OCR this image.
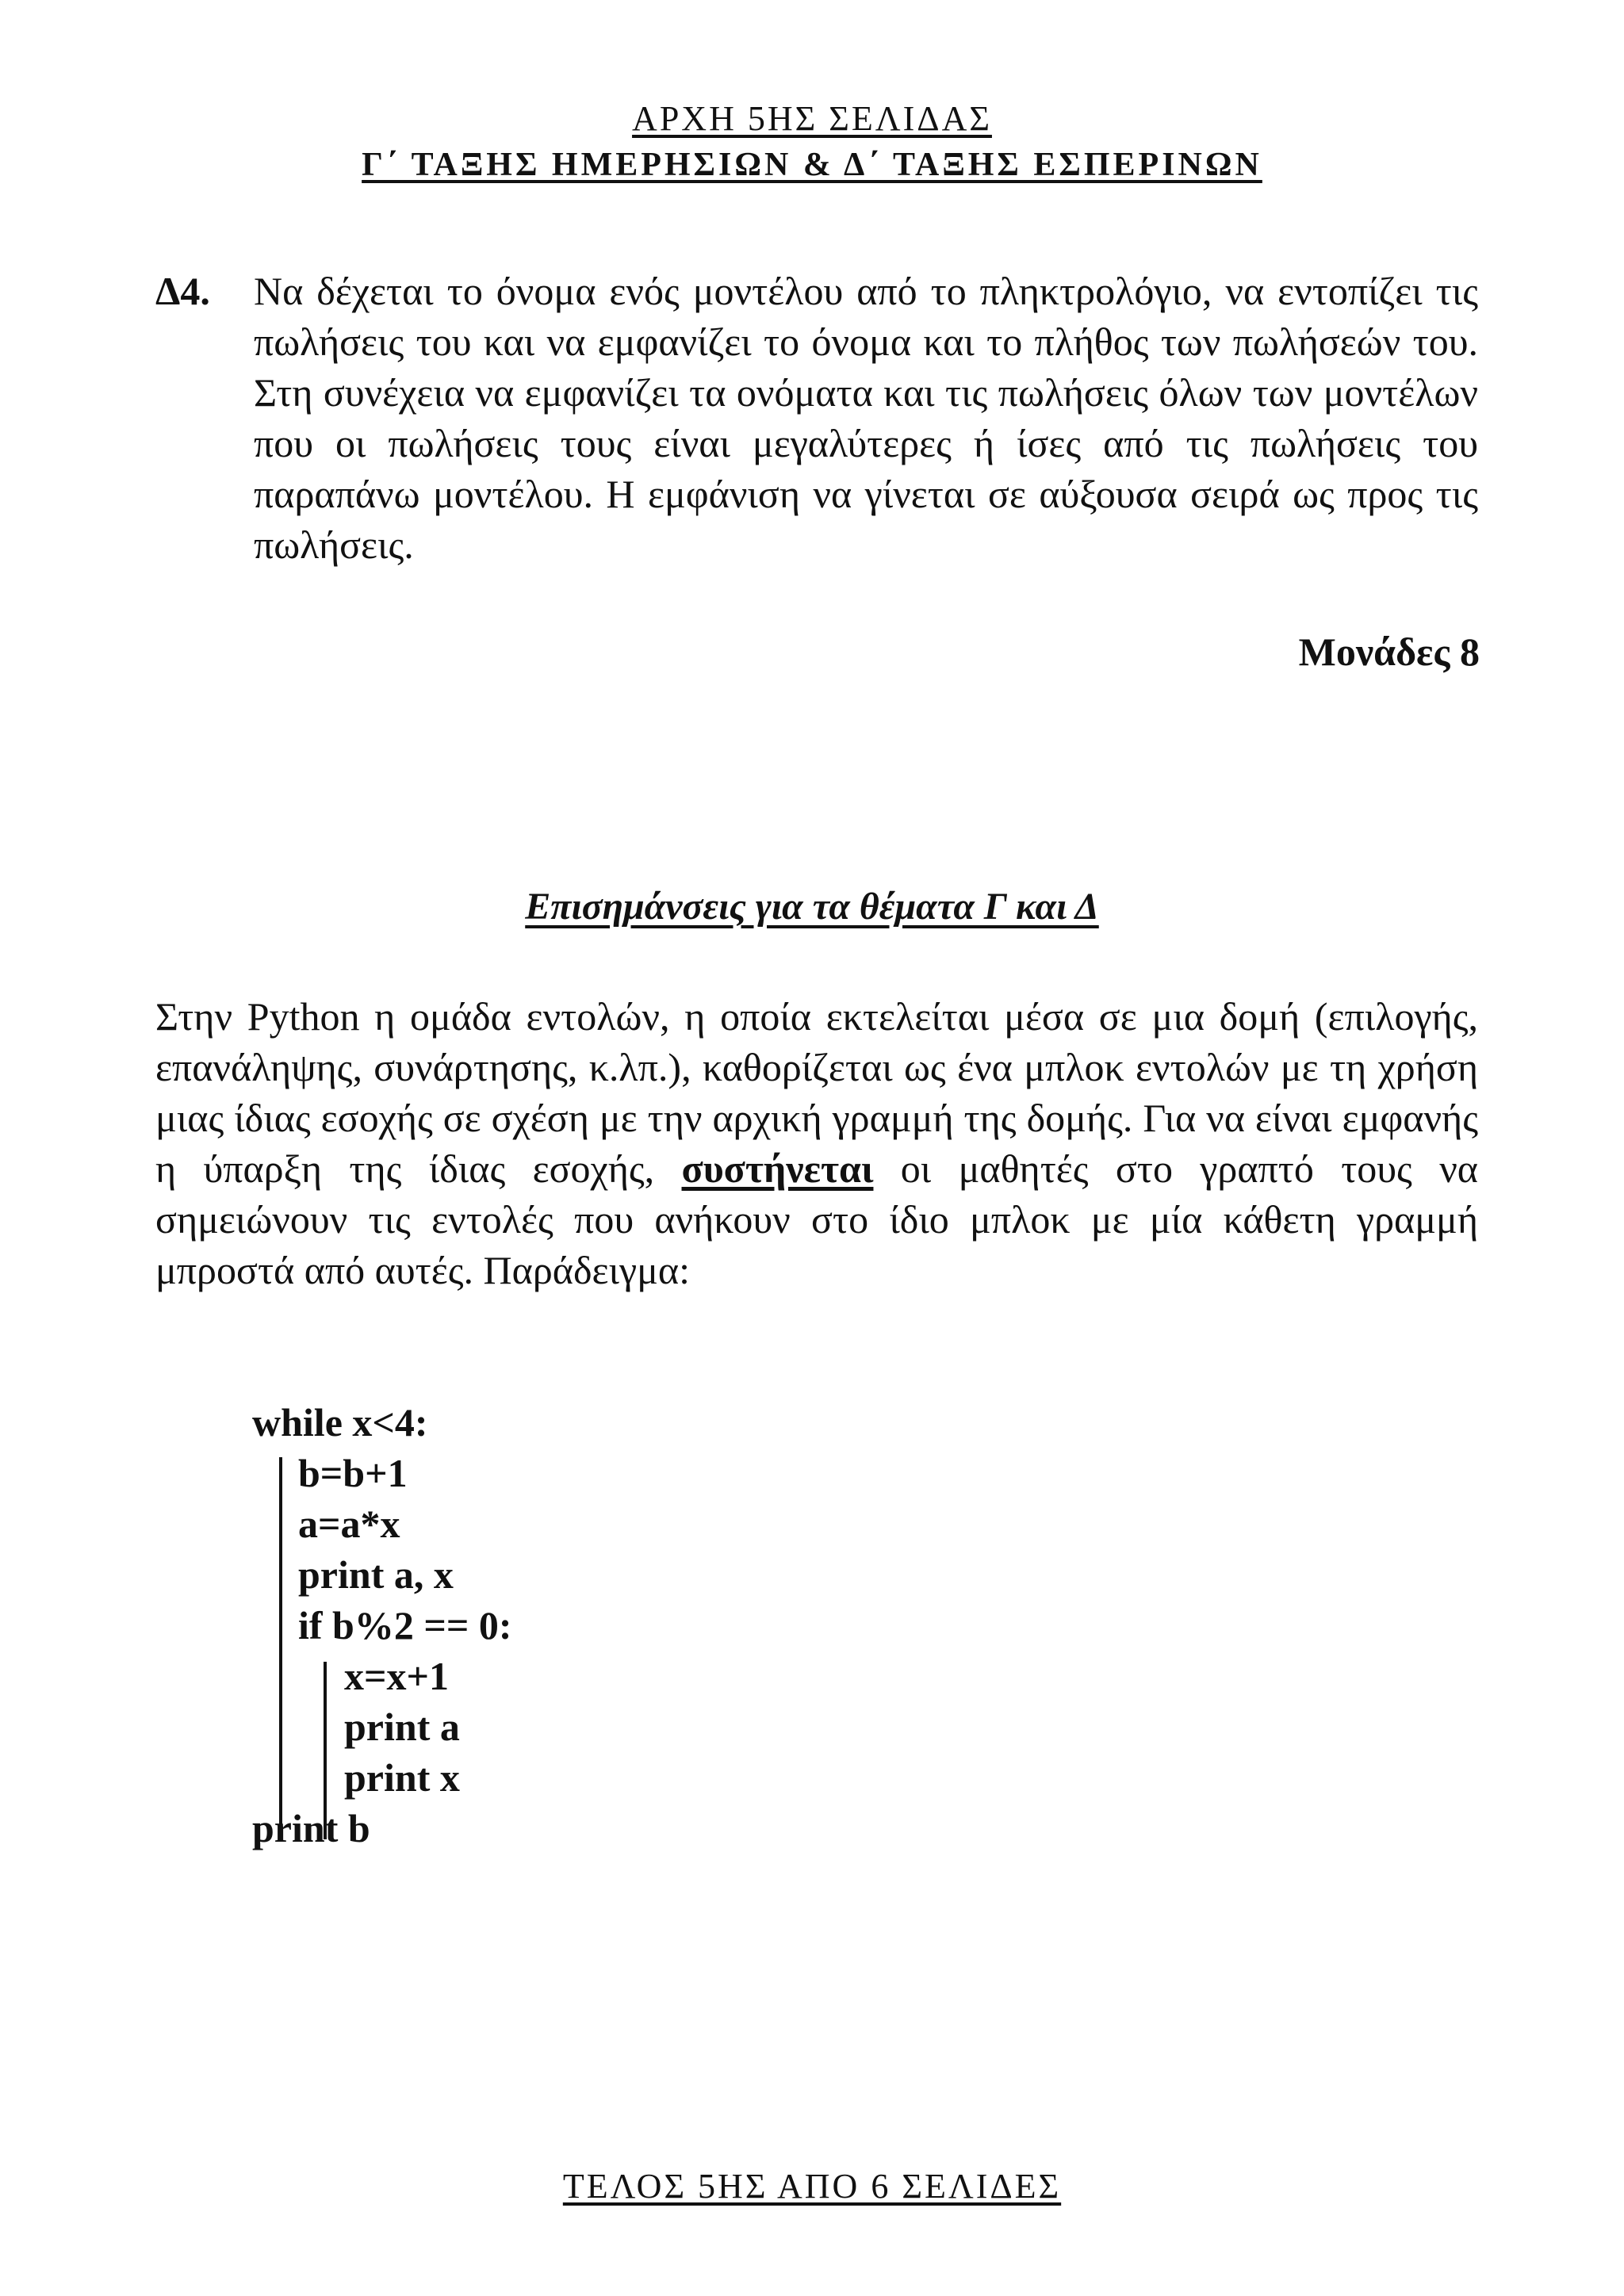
ΑΡΧΗ 5ΗΣ ΣΕΛΙΔΑΣ
Γ΄ ΤΑΞΗΣ ΗΜΕΡΗΣΙΩΝ & Δ΄ ΤΑΞΗΣ ΕΣΠΕΡΙΝΩΝ
Δ4. Να δέχεται το όνομα ενός μοντέλου από το πληκτρολόγιο, να εντοπίζει τις πωλήσεις του και να εμφανίζει το όνομα και το πλήθος των πωλήσεών του. Στη συνέχεια να εμφανίζει τα ονόματα και τις πωλήσεις όλων των μοντέλων που οι πωλήσεις τους είναι μεγαλύτερες ή ίσες από τις πωλήσεις του παραπάνω μοντέλου. Η εμφάνιση να γίνεται σε αύξουσα σειρά ως προς τις πωλήσεις.
Μονάδες 8
Επισημάνσεις για τα θέματα Γ και Δ
Στην Python η ομάδα εντολών, η οποία εκτελείται μέσα σε μια δομή (επιλογής, επανάληψης, συνάρτησης, κ.λπ.), καθορίζεται ως ένα μπλοκ εντολών με τη χρήση μιας ίδιας εσοχής σε σχέση με την αρχική γραμμή της δομής. Για να είναι εμφανής η ύπαρξη της ίδιας εσοχής, συστήνεται οι μαθητές στο γραπτό τους να σημειώνουν τις εντολές που ανήκουν στο ίδιο μπλοκ με μία κάθετη γραμμή μπροστά από αυτές. Παράδειγμα:
while x<4:
b=b+1
a=a*x
print a, x
if b%2 == 0:
x=x+1
print a
print x
print b
ΤΕΛΟΣ 5ΗΣ ΑΠΟ 6 ΣΕΛΙΔΕΣ
